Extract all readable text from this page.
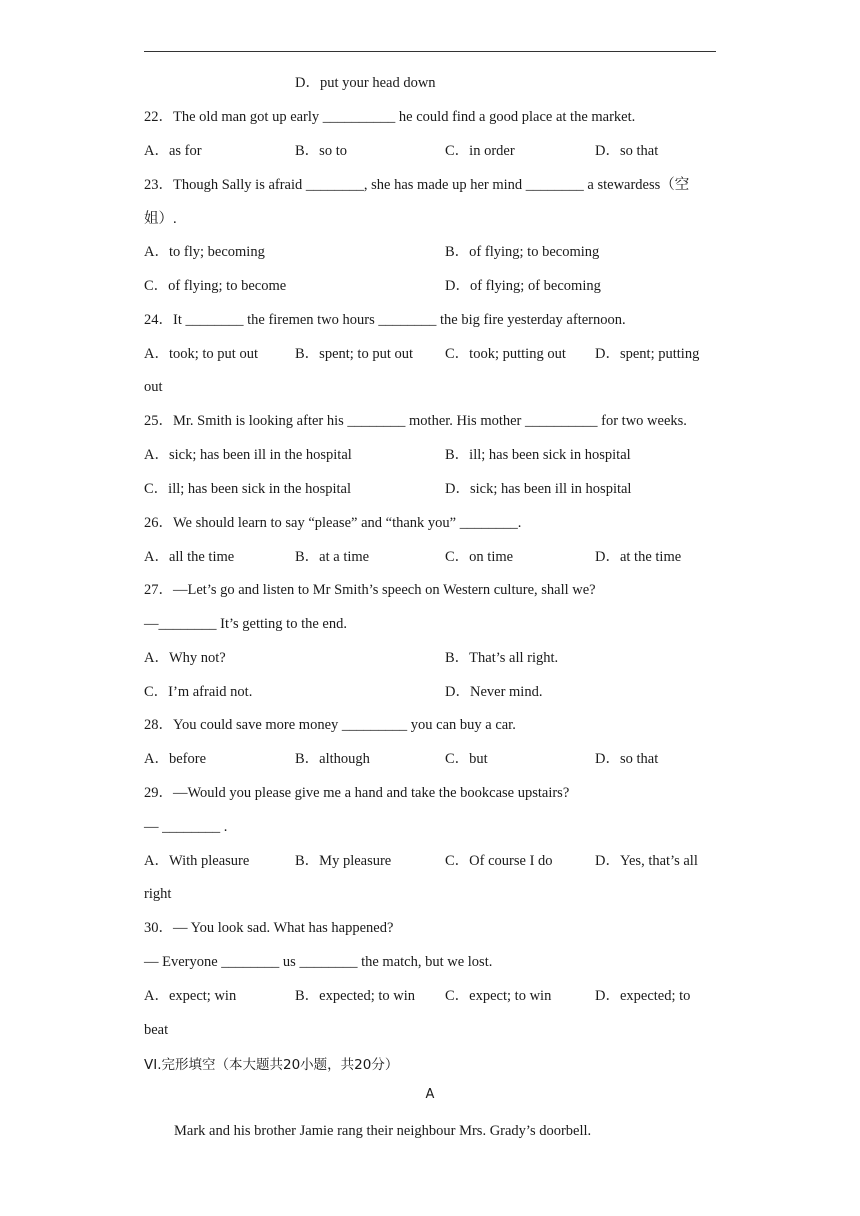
D．put your head down
22．The old man got up early __________ he could find a good place at the market.
A．as for	B．so to	C．in order	D．so that
23．Though Sally is afraid ________, she has made up her mind ________ a stewardess（空
姐）.
A．to fly; becoming	B．of flying; to becoming
C．of flying; to become	D．of flying; of becoming
24．It ________ the firemen two hours ________ the big fire yesterday afternoon.
A．took; to put out	B．spent; to put out C．took; putting out D．spent; putting
out
25．Mr. Smith is looking after his ________ mother. His mother __________ for two weeks.
A．sick; has been ill in the hospital	B．ill; has been sick in hospital
C．ill; has been sick in the hospital	D．sick; has been ill in hospital
26．We should learn to say “please” and “thank you” ________.
A．all the time	B．at a time	C．on time	D．at the time
27．—Let’s go and listen to Mr Smith’s speech on Western culture, shall we?
—________ It’s getting to the end.
A．Why not?	B．That’s all right.
C．I’m afraid not.	D．Never mind.
28．You could save more money _________ you can buy a car.
A．before	B．although	C．but	D．so that
29．—Would you please give me a hand and take the bookcase upstairs?
— ________ .
A．With pleasure	B．My pleasure	C．Of course I do	D．Yes, that’s all
right
30．— You look sad. What has happened?
— Everyone ________ us ________ the match, but we lost.
A．expect; win	B．expected; to win C．expect; to win	D．expected; to
beat
VI.完形填空（本大题共20小题，共20分）
A
Mark and his brother Jamie rang their neighbour Mrs. Grady’s doorbell.
